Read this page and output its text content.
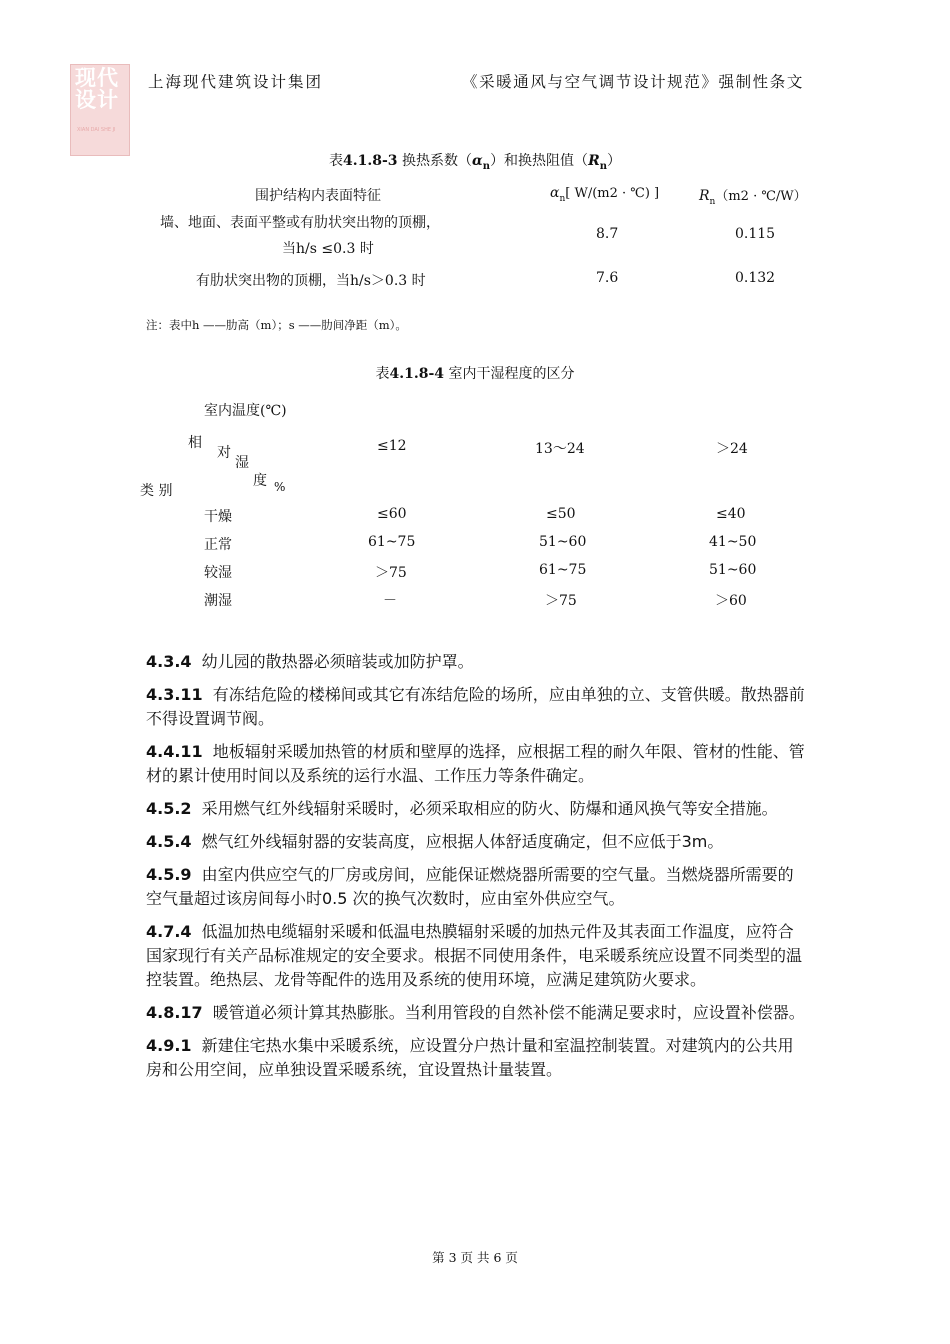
现代设计
XIAN DAI SHE JI
上海现代建筑设计集团	《采暖通风与空气调节设计规范》强制性条文
表4.1.8-3 换热系数$(\alpha_n)$和换热阻值$(R_n)$
围护结构内表面特征	$\alpha_n$[ W/(m2 · ℃) ]	$R_n(m2$ · ℃/W）
墙、地面、表面平整或有肋状突出物的顶棚，
当h/s ≤0.3 时
8.7	0.115
有肋状突出物的顶棚，当h/s＞0.3 时	7.6	0.132
注：表中h ——肋高（m）；s ——肋间净距（m）。
表4.1.8-4 室内干湿程度的区分
室内温度(℃)
相
对
湿
度 %
类 别
≤12	13～24	＞24
干燥	≤60	≤50	≤40
正常	61~75	51~60	41~50
较湿	＞75	61~75	51~60
潮湿	－	＞75	＞60

4.3.4 幼儿园的散热器必须暗装或加防护罩。

4.3.11 有冻结危险的楼梯间或其它有冻结危险的场所，应由单独的立、支管供暖。散热器前不得设置调节阀。

4.4.11 地板辐射采暖加热管的材质和壁厚的选择，应根据工程的耐久年限、管材的性能、管材的累计使用时间以及系统的运行水温、工作压力等条件确定。

4.5.2 采用燃气红外线辐射采暖时，必须采取相应的防火、防爆和通风换气等安全措施。

4.5.4 燃气红外线辐射器的安装高度，应根据人体舒适度确定，但不应低于3m。

4.5.9 由室内供应空气的厂房或房间，应能保证燃烧器所需要的空气量。当燃烧器所需要的空气量超过该房间每小时0.5 次的换气次数时，应由室外供应空气。

4.7.4 低温加热电缆辐射采暖和低温电热膜辐射采暖的加热元件及其表面工作温度，应符合国家现行有关产品标准规定的安全要求。根据不同使用条件，电采暖系统应设置不同类型的温控装置。绝热层、龙骨等配件的选用及系统的使用环境，应满足建筑防火要求。

4.8.17 暖管道必须计算其热膨胀。当利用管段的自然补偿不能满足要求时，应设置补偿器。

4.9.1 新建住宅热水集中采暖系统，应设置分户热计量和室温控制装置。对建筑内的公共用房和公用空间，应单独设置采暖系统，宜设置热计量装置。

第 3 页 共 6 页
